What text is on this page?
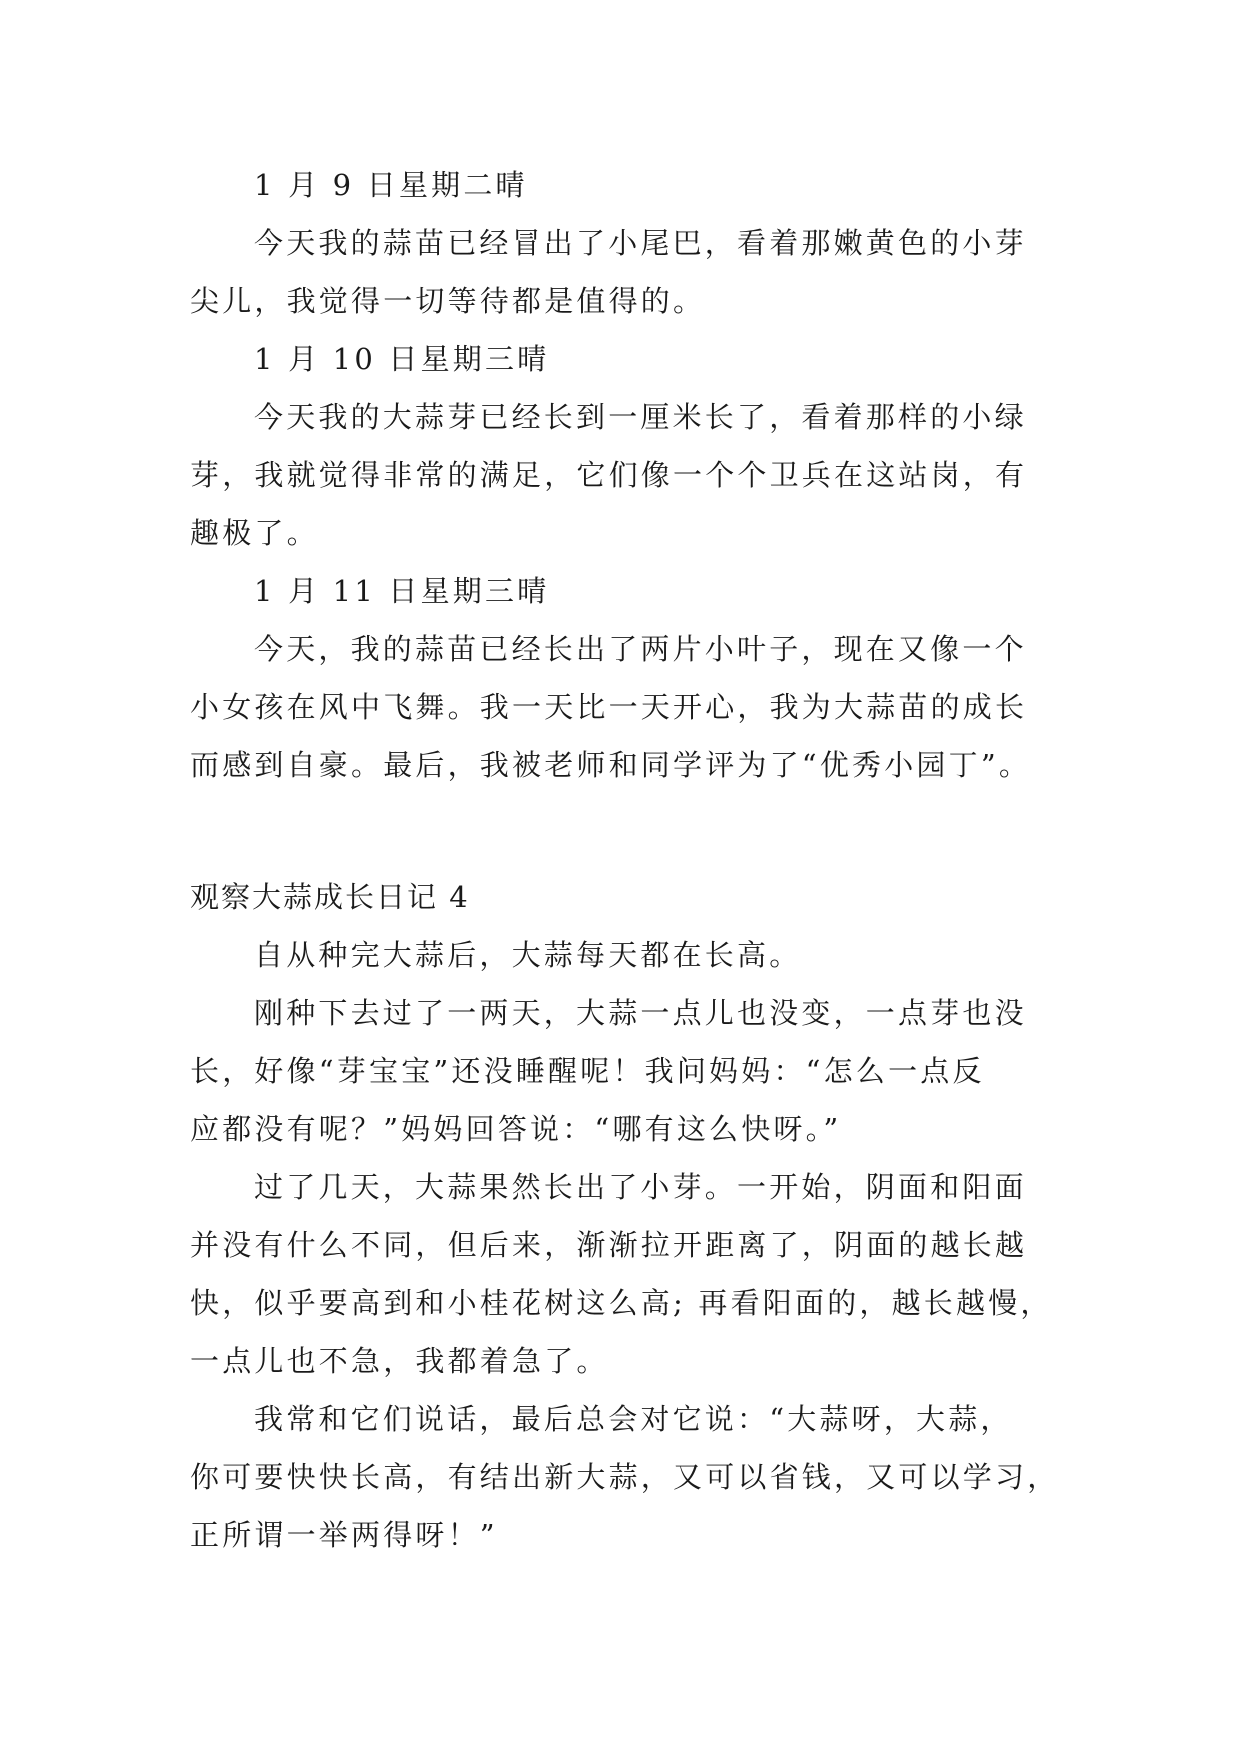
1 月 9 日星期二晴
今天我的蒜苗已经冒出了小尾巴，看着那嫩黄色的小芽
尖儿，我觉得一切等待都是值得的。
1 月 10 日星期三晴
今天我的大蒜芽已经长到一厘米长了，看着那样的小绿
芽，我就觉得非常的满足，它们像一个个卫兵在这站岗，有
趣极了。
1 月 11 日星期三晴
今天，我的蒜苗已经长出了两片小叶子，现在又像一个
小女孩在风中飞舞。我一天比一天开心，我为大蒜苗的成长
而感到自豪。最后，我被老师和同学评为了“优秀小园丁”。
观察大蒜成长日记 4
自从种完大蒜后，大蒜每天都在长高。
刚种下去过了一两天，大蒜一点儿也没变，一点芽也没
长，好像“芽宝宝”还没睡醒呢！我问妈妈：“怎么一点反
应都没有呢？”妈妈回答说：“哪有这么快呀。”
过了几天，大蒜果然长出了小芽。一开始，阴面和阳面
并没有什么不同，但后来，渐渐拉开距离了，阴面的越长越
快，似乎要高到和小桂花树这么高; 再看阳面的，越长越慢，
一点儿也不急，我都着急了。
我常和它们说话，最后总会对它说：“大蒜呀，大蒜，
你可要快快长高，有结出新大蒜，又可以省钱，又可以学习，
正所谓一举两得呀！”
